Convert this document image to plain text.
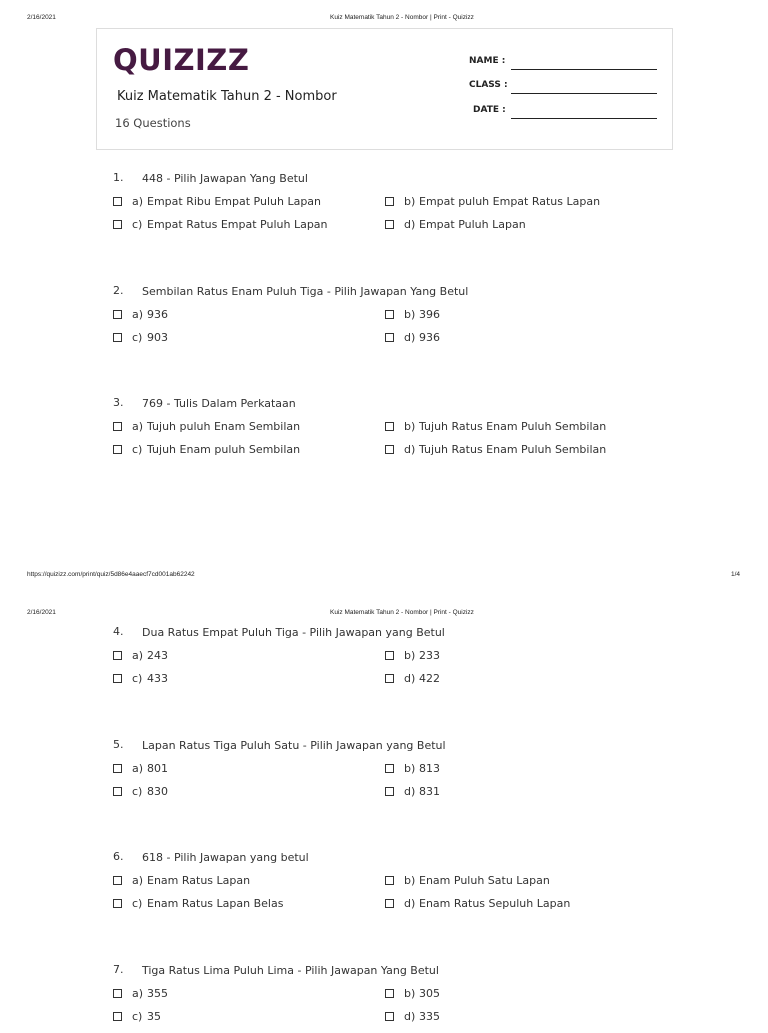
2/16/2021	Kuiz Matematik Tahun 2 - Nombor | Print - Quizizz
QUIZIZZ
Kuiz Matematik Tahun 2 - Nombor
16 Questions
NAME :
CLASS :
DATE :
1. 448 - Pilih Jawapan Yang Betul
a) Empat Ribu Empat Puluh Lapan	b) Empat puluh Empat Ratus Lapan
c) Empat Ratus Empat Puluh Lapan	d) Empat Puluh Lapan
2. Sembilan Ratus Enam Puluh Tiga - Pilih Jawapan Yang Betul
a) 936	b) 396
c) 903	d) 936
3. 769 - Tulis Dalam Perkataan
a) Tujuh puluh Enam Sembilan	b) Tujuh Ratus Enam Puluh Sembilan
c) Tujuh Enam puluh Sembilan	d) Tujuh Ratus Enam Puluh Sembilan
https://quizizz.com/print/quiz/5d86e4aaecf7cd001ab62242	1/4
2/16/2021	Kuiz Matematik Tahun 2 - Nombor | Print - Quizizz
4. Dua Ratus Empat Puluh Tiga - Pilih Jawapan yang Betul
a) 243	b) 233
c) 433	d) 422
5. Lapan Ratus Tiga Puluh Satu - Pilih Jawapan yang Betul
a) 801	b) 813
c) 830	d) 831
6. 618 - Pilih Jawapan yang betul
a) Enam Ratus Lapan	b) Enam Puluh Satu Lapan
c) Enam Ratus Lapan Belas	d) Enam Ratus Sepuluh Lapan
7. Tiga Ratus Lima Puluh Lima - Pilih Jawapan Yang Betul
a) 355	b) 305
c) 35	d) 335
